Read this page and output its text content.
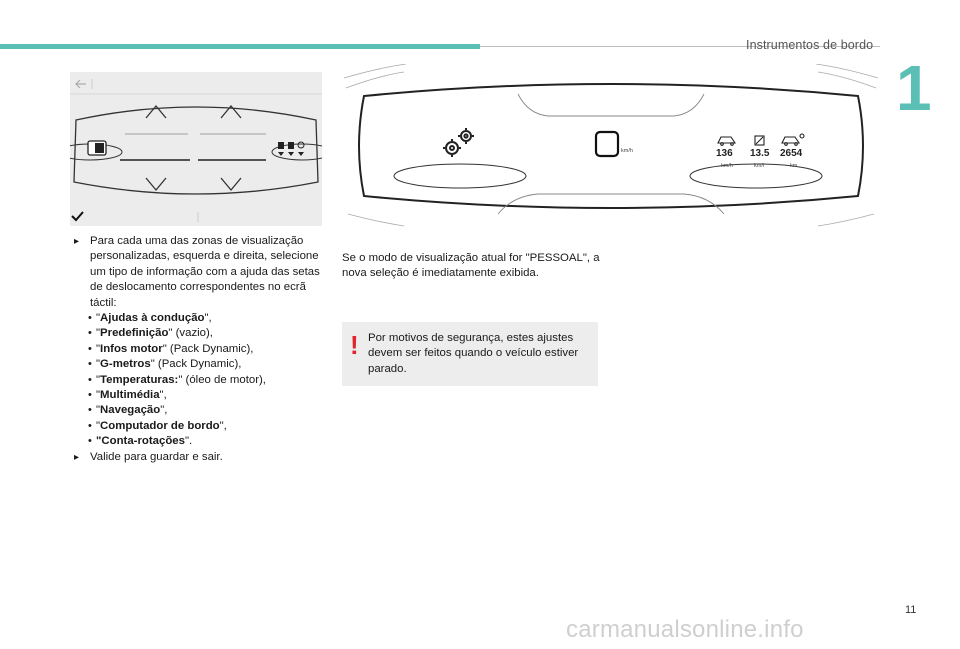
Instrumentos de bordo
1
km/h	136 13.5 2654
km/h	km/l	km
▸ Para cada uma das zonas de visualização personalizadas, esquerda e direita, selecione um tipo de informação com a ajuda das setas de deslocamento correspondentes no ecrã táctil:
• "Ajudas à condução",
• "Predefinição" (vazio),
• "Infos motor" (Pack Dynamic),
• "G-metros" (Pack Dynamic),
• "Temperaturas:" (óleo de motor),
• "Multimédia",
• "Navegação",
• "Computador de bordo",
• "Conta-rotações".
▸ Valide para guardar e sair.
Se o modo de visualização atual for "PESSOAL", a nova seleção é imediatamente exibida.
! Por motivos de segurança, estes ajustes devem ser feitos quando o veículo estiver parado.
11
carmanualsonline.info
